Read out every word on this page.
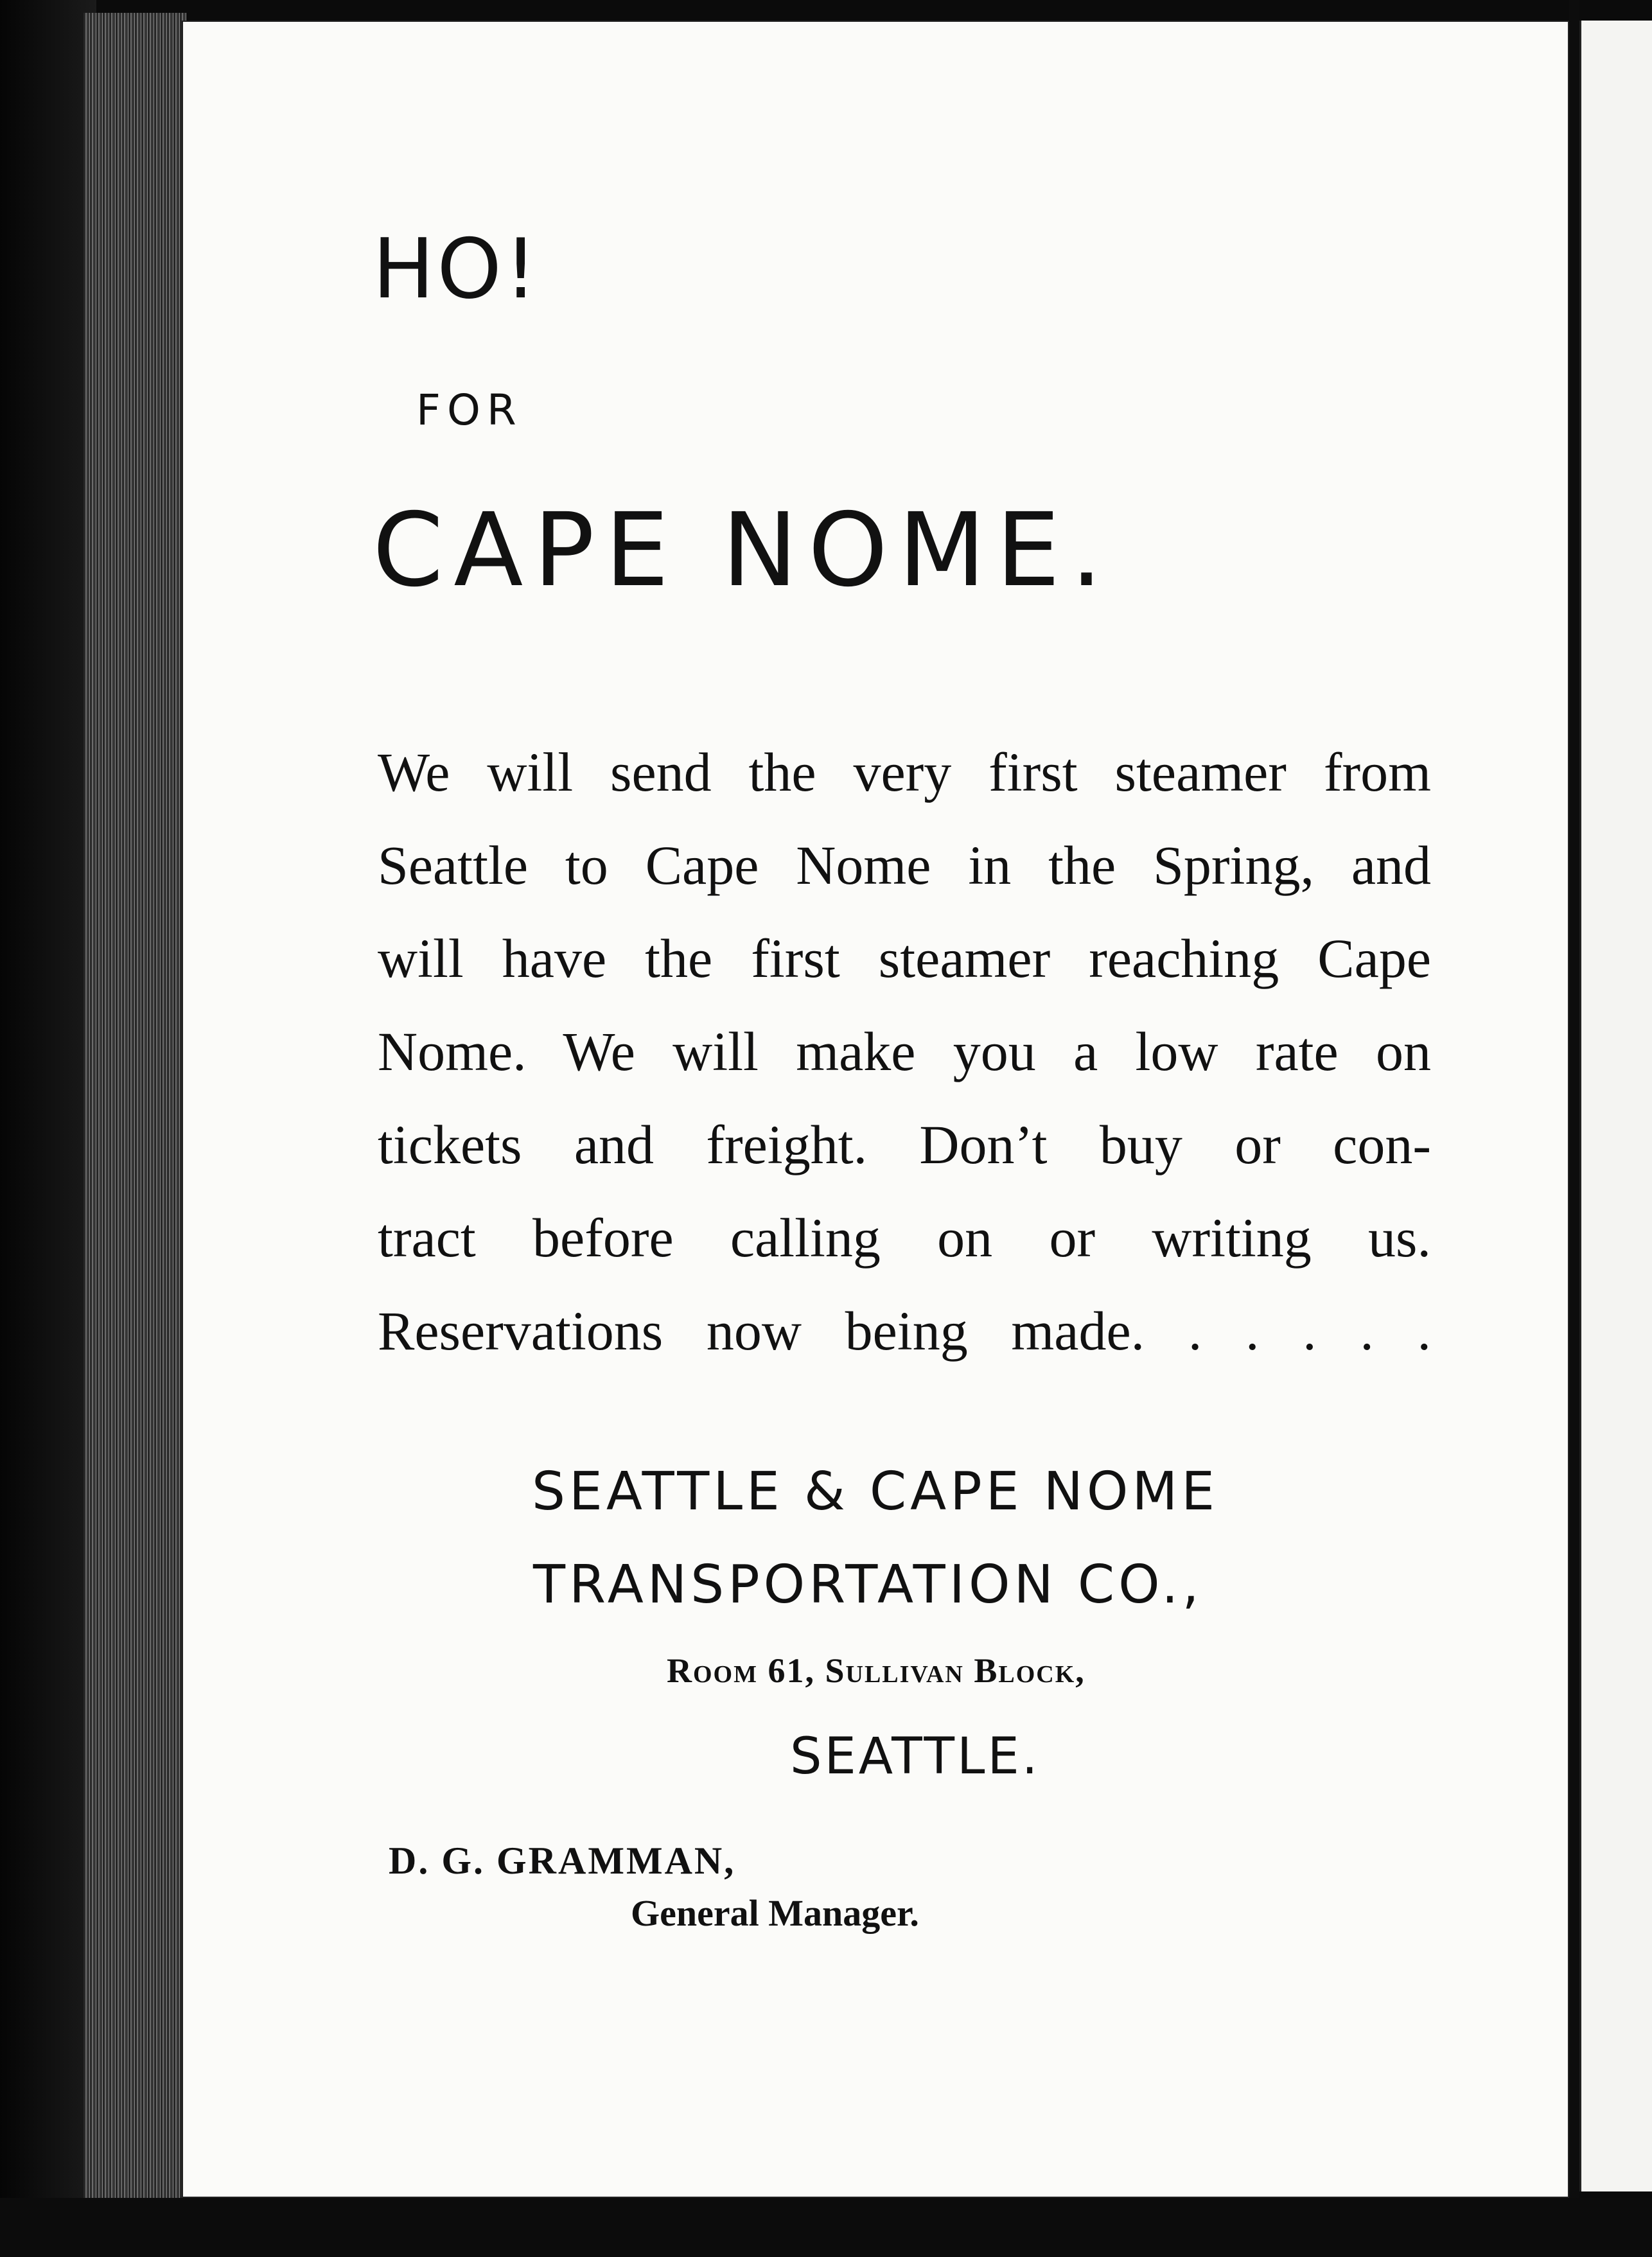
HO!
FOR
CAPE NOME.
We will send the very first steamer from
Seattle to Cape Nome in the Spring, and
will have the first steamer reaching Cape
Nome. We will make you a low rate on
tickets and freight. Don’t buy or con-
tract before calling on or writing us.
Reservations now being made. . . . . .
SEATTLE & CAPE NOME
TRANSPORTATION CO.,
Room 61, Sullivan Block,
SEATTLE.
D. G. GRAMMAN,
General Manager.
